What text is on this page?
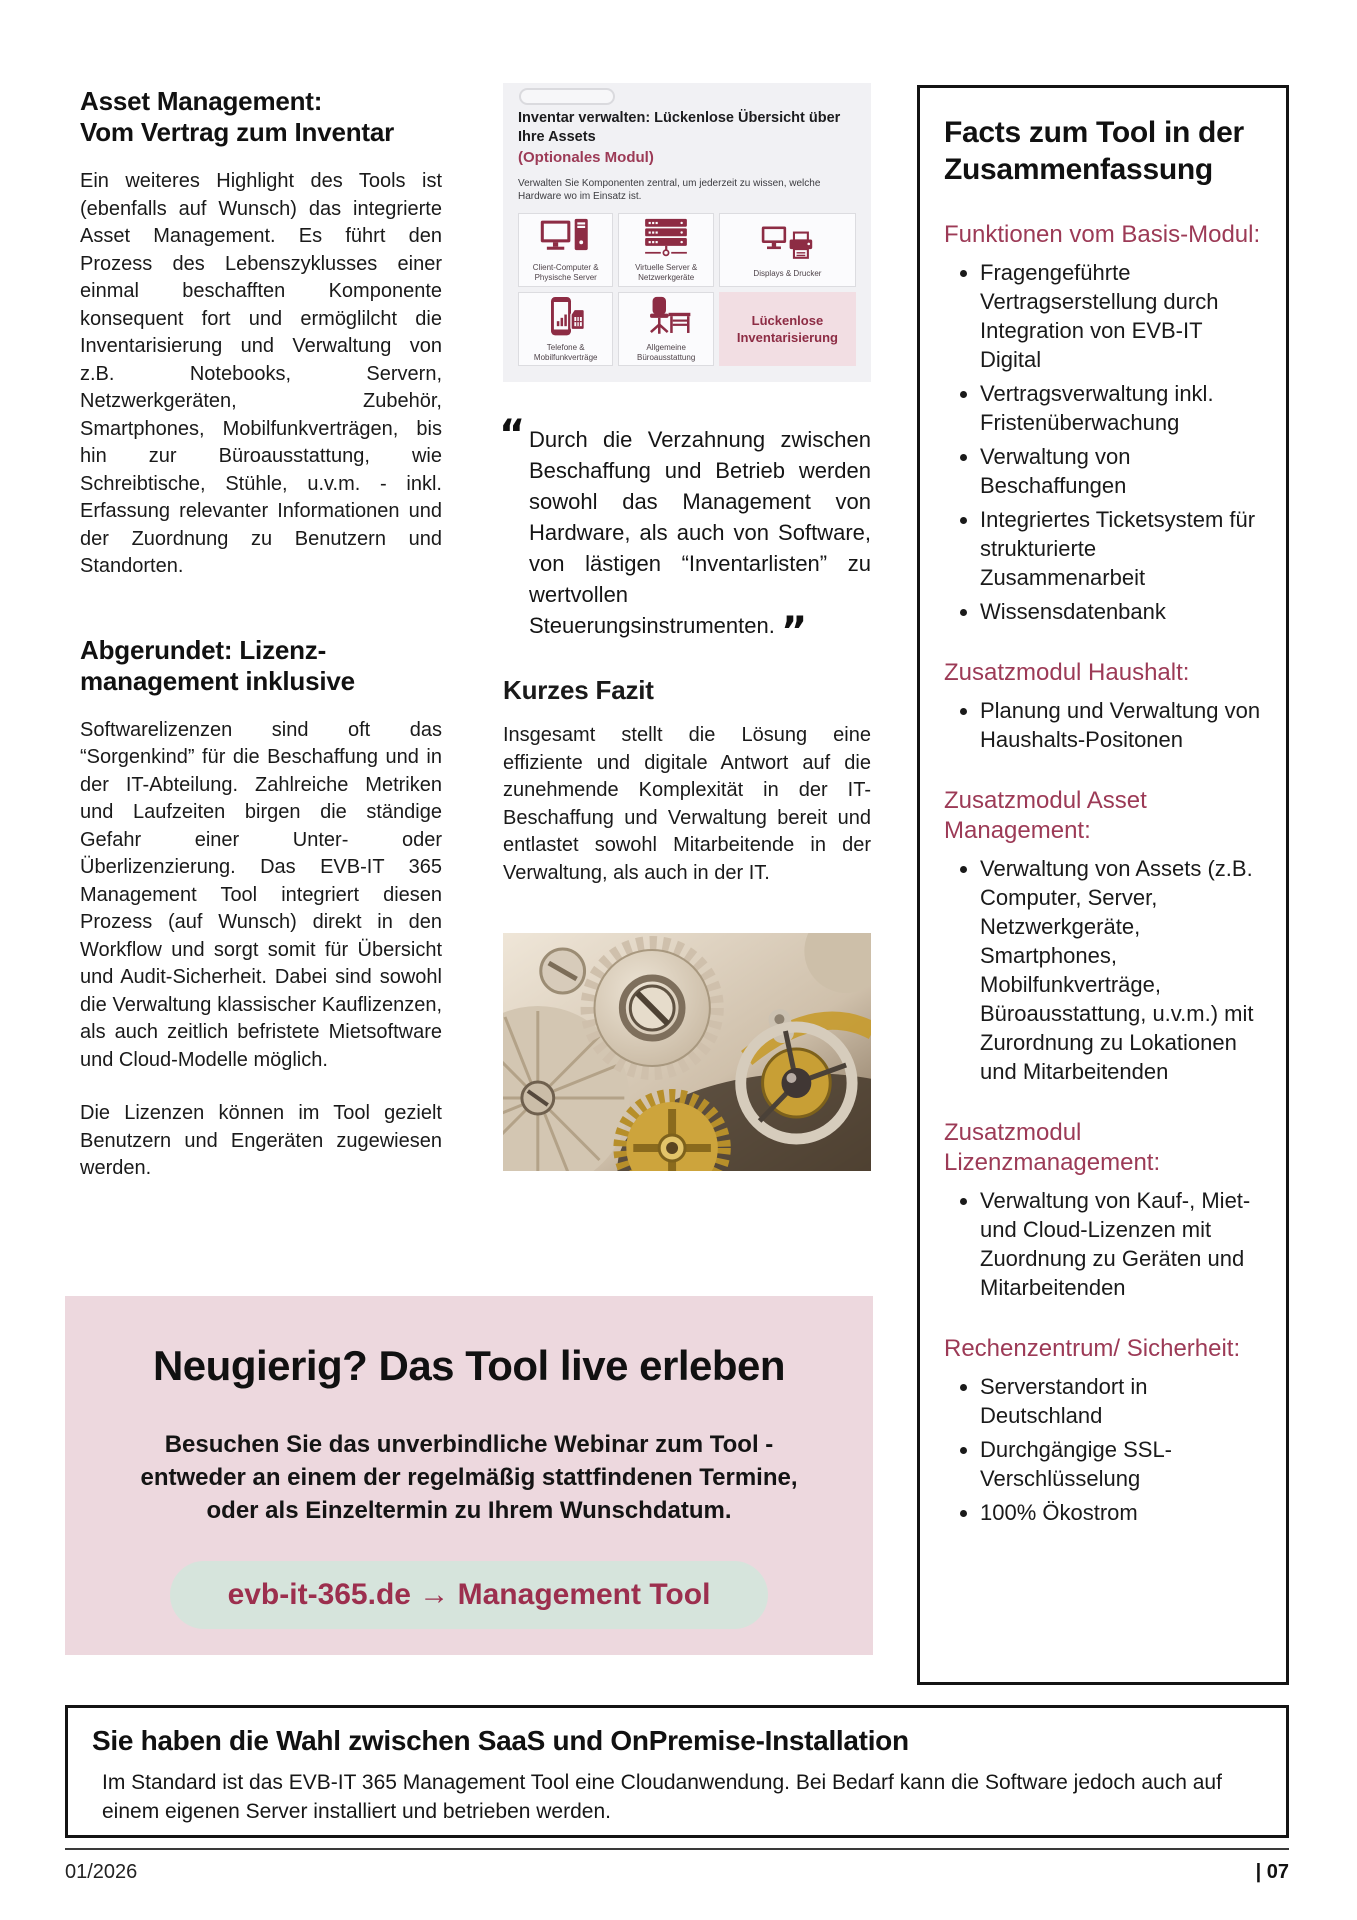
Asset Management:
Vom Vertrag zum Inventar

Ein weiteres Highlight des Tools ist (ebenfalls auf Wunsch) das integrierte Asset Management. Es führt den Prozess des Lebenszyklusses einer einmal beschafften Komponente konsequent fort und ermöglilcht die Inventarisierung und Verwaltung von z.B. Notebooks, Servern, Netzwerkgeräten, Zubehör, Smartphones, Mobilfunkverträgen, bis hin zur Büroausstattung, wie Schreibtische, Stühle, u.v.m. - inkl. Erfassung relevanter Informationen und der Zuordnung zu Benutzern und Standorten.

Abgerundet: Lizenz-
management inklusive

Softwarelizenzen sind oft das “Sorgenkind” für die Beschaffung und in der IT-Abteilung. Zahlreiche Metriken und Laufzeiten birgen die ständige Gefahr einer Unter- oder Überlizenzierung. Das EVB-IT 365 Management Tool integriert diesen Prozess (auf Wunsch) direkt in den Workflow und sorgt somit für Übersicht und Audit-Sicherheit. Dabei sind sowohl die Verwaltung klassischer Kauflizenzen, als auch zeitlich befristete Mietsoftware und Cloud-Modelle möglich.

Die Lizenzen können im Tool gezielt Benutzern und Engeräten zugewiesen werden.

Inventar verwalten: Lückenlose Übersicht über Ihre Assets
(Optionales Modul)
Verwalten Sie Komponenten zentral, um jederzeit zu wissen, welche Hardware wo im Einsatz ist.
Client-Computer & Physische Server
Virtuelle Server & Netzwerkgeräte	Displays & Drucker
Telefone & Mobilfunkverträge
Allgemeine Büroausstattung
Lückenlose Inventarisierung
“ Durch die Verzahnung zwischen Beschaffung und Betrieb werden sowohl das Management von Hardware, als auch von Software, von lästigen “Inventarlisten” zu wertvollen Steuerungsinstrumenten. ”
Kurzes Fazit

Insgesamt stellt die Lösung eine effiziente und digitale Antwort auf die zunehmende Komplexität in der IT-Beschaffung und Verwaltung bereit und entlastet sowohl Mitarbeitende in der Verwaltung, als auch in der IT.

Facts zum Tool in der
Zusammenfassung
Funktionen vom Basis-Modul:
• Fragengeführte Vertragserstellung durch Integration von EVB-IT Digital
• Vertragsverwaltung inkl. Fristenüberwachung
• Verwaltung von Beschaffungen
• Integriertes Ticketsystem für strukturierte Zusammenarbeit
• Wissensdatenbank
Zusatzmodul Haushalt:
• Planung und Verwaltung von Haushalts-Positonen
Zusatzmodul Asset Management:
• Verwaltung von Assets (z.B. Computer, Server, Netzwerkgeräte, Smartphones, Mobilfunkverträge, Büroausstattung, u.v.m.) mit Zurordnung zu Lokationen und Mitarbeitenden
Zusatzmodul Lizenzmanagement:
• Verwaltung von Kauf-, Miet- und Cloud-Lizenzen mit Zuordnung zu Geräten und Mitarbeitenden
Rechenzentrum/ Sicherheit:
• Serverstandort in Deutschland
• Durchgängige SSL-Verschlüsselung
• 100% Ökostrom
Neugierig? Das Tool live erleben
Besuchen Sie das unverbindliche Webinar zum Tool - entweder an einem der regelmäßig stattfindenen Termine, oder als Einzeltermin zu Ihrem Wunschdatum.
evb-it-365.de → Management Tool
Sie haben die Wahl zwischen SaaS und OnPremise-Installation
Im Standard ist das EVB-IT 365 Management Tool eine Cloudanwendung. Bei Bedarf kann die Software jedoch auch auf einem eigenen Server installiert und betrieben werden.
01/2026	| 07
